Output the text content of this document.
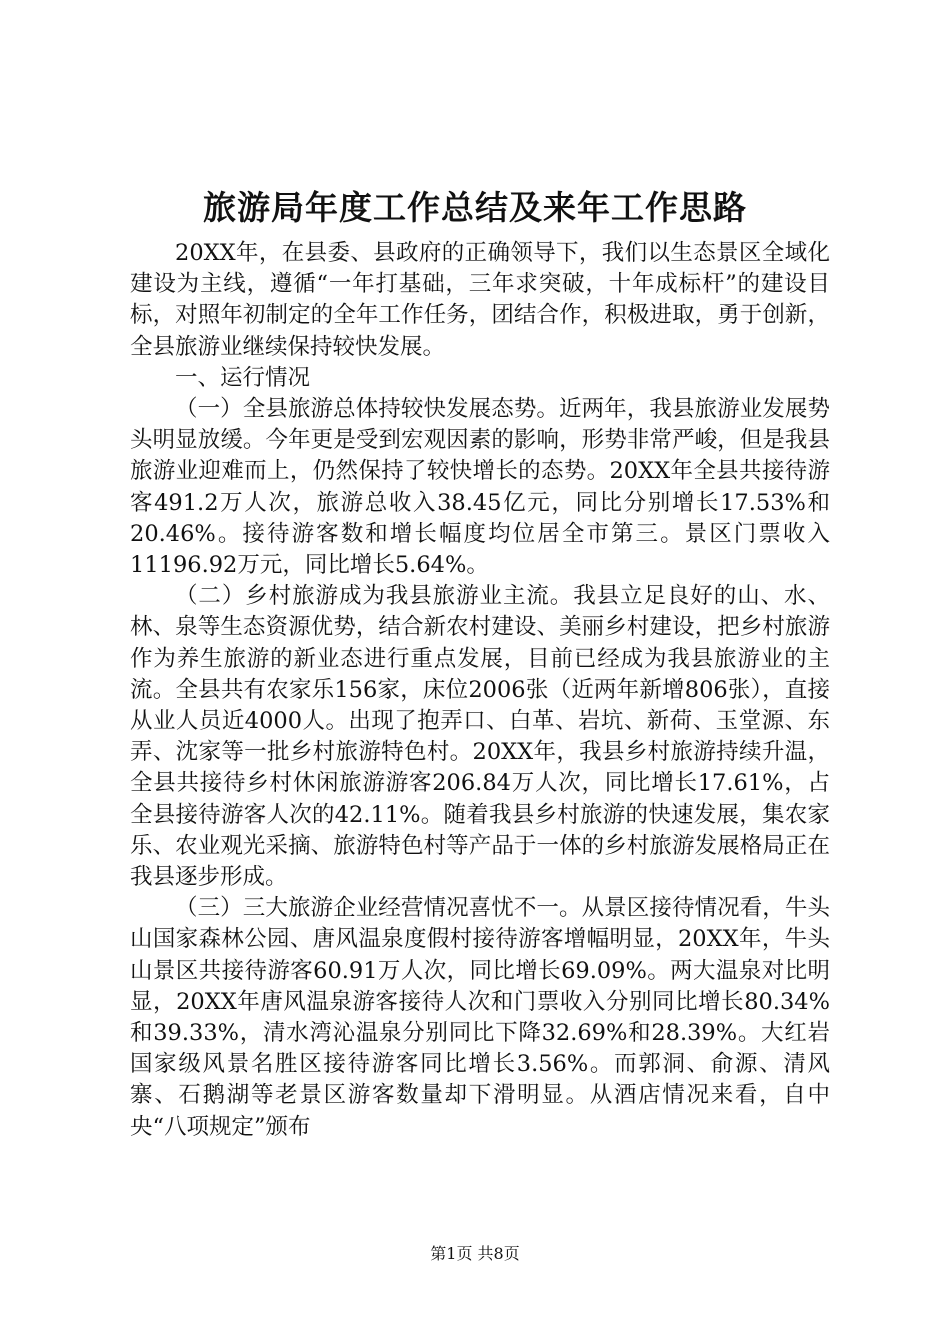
旅游局年度工作总结及来年工作思路

20XX年，在县委、县政府的正确领导下，我们以生态景区全域化建设为主线，遵循“一年打基础，三年求突破，十年成标杆”的建设目标，对照年初制定的全年工作任务，团结合作，积极进取，勇于创新，全县旅游业继续保持较快发展。

一、运行情况

（一）全县旅游总体持较快发展态势。近两年，我县旅游业发展势头明显放缓。今年更是受到宏观因素的影响，形势非常严峻，但是我县旅游业迎难而上，仍然保持了较快增长的态势。20XX年全县共接待游客491.2万人次，旅游总收入38.45亿元，同比分别增长17.53%和20.46%。接待游客数和增长幅度均位居全市第三。景区门票收入11196.92万元，同比增长5.64%。

（二）乡村旅游成为我县旅游业主流。我县立足良好的山、水、林、泉等生态资源优势，结合新农村建设、美丽乡村建设，把乡村旅游作为养生旅游的新业态进行重点发展，目前已经成为我县旅游业的主流。全县共有农家乐156家，床位2006张（近两年新增806张），直接从业人员近4000人。出现了抱弄口、白革、岩坑、新荷、玉堂源、东弄、沈家等一批乡村旅游特色村。20XX年，我县乡村旅游持续升温，全县共接待乡村休闲旅游游客206.84万人次，同比增长17.61%，占全县接待游客人次的42.11%。随着我县乡村旅游的快速发展，集农家乐、农业观光采摘、旅游特色村等产品于一体的乡村旅游发展格局正在我县逐步形成。

（三）三大旅游企业经营情况喜忧不一。从景区接待情况看，牛头山国家森林公园、唐风温泉度假村接待游客增幅明显，20XX年，牛头山景区共接待游客60.91万人次，同比增长69.09%。两大温泉对比明显，20XX年唐风温泉游客接待人次和门票收入分别同比增长80.34%和39.33%，清水湾沁温泉分别同比下降32.69%和28.39%。大红岩国家级风景名胜区接待游客同比增长3.56%。而郭洞、俞源、清风寨、石鹅湖等老景区游客数量却下滑明显。从酒店情况来看，自中央“八项规定”颁布

第1页 共8页
